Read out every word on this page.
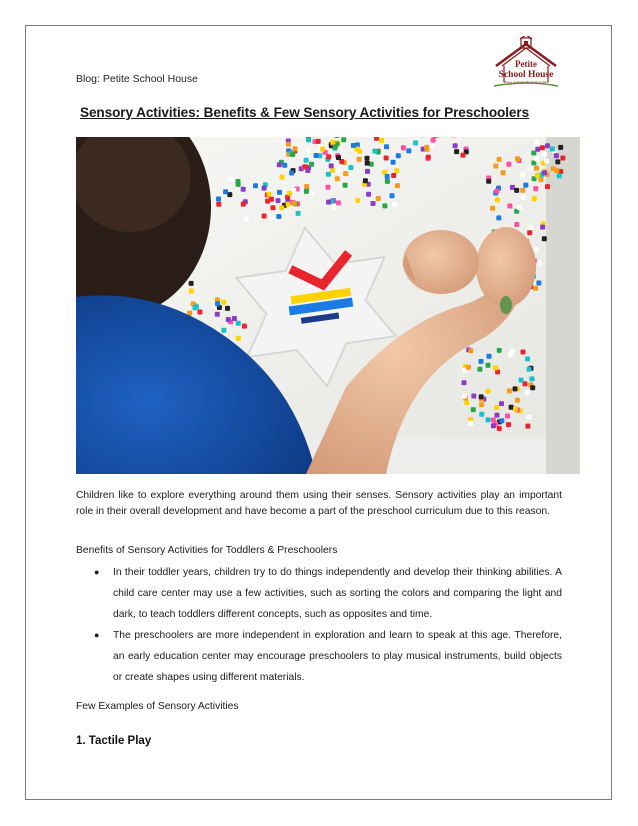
Blog: Petite School House
Petite
School House
Where Curiosity Becomes a Habit
Sensory Activities: Benefits & Few Sensory Activities for Preschoolers

Children like to explore everything around them using their senses. Sensory activities play an important role in their overall development and have become a part of the preschool curriculum due to this reason.

Benefits of Sensory Activities for Toddlers & Preschoolers
● In their toddler years, children try to do things independently and develop their thinking abilities. A child care center may use a few activities, such as sorting the colors and comparing the light and dark, to teach toddlers different concepts, such as opposites and time.
● The preschoolers are more independent in exploration and learn to speak at this age. Therefore, an early education center may encourage preschoolers to play musical instruments, build objects or create shapes using different materials.
Few Examples of Sensory Activities
1. Tactile Play
